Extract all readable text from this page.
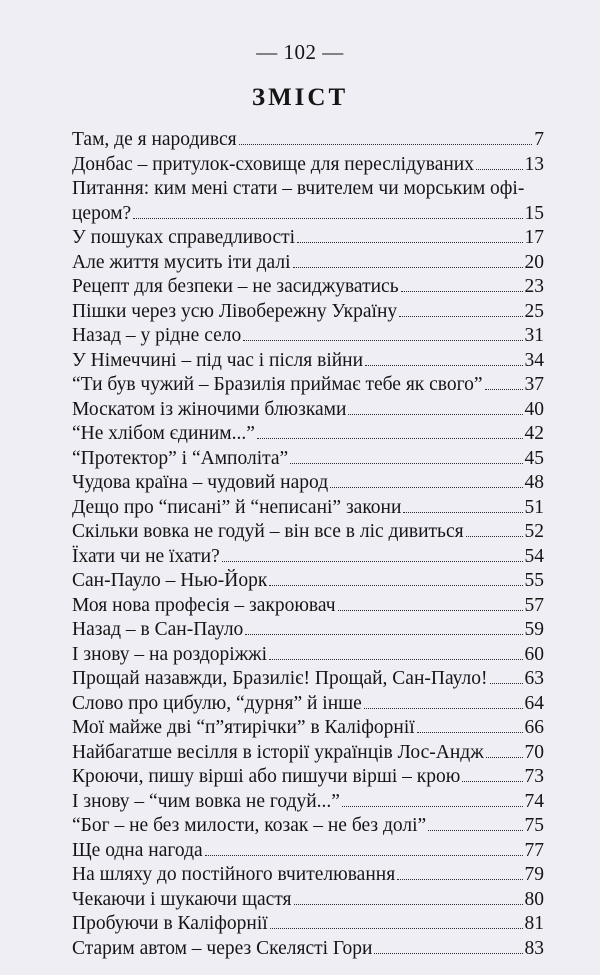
— 102 —
ЗМІСТ
Там, де я народився	7
Донбас – притулок-сховище для переслідуваних	13
Питання: ким мені стати – вчителем чи морським офі-
цером?	15
У пошуках справедливості	17
Але життя мусить іти далі	20
Рецепт для безпеки – не засиджуватись	23
Пішки через усю Лівобережну Україну	25
Назад – у рідне село	31
У Німеччині – під час і після війни	34
“Ти був чужий – Бразилія приймає тебе як свого” 37
Москатом із жіночими блюзками	40
“Не хлібом єдиним...”	42
“Протектор” і “Амполіта”	45
Чудова країна – чудовий народ	48
Дещо про “писані” й “неписані” закони	51
Скільки вовка не годуй – він все в ліс дивиться	52
Їхати чи не їхати?	54
Сан-Пауло – Нью-Йорк	55
Моя нова професія – закроювач	57
Назад – в Сан-Пауло	59
І знову – на роздоріжжі	60
Прощай назавжди, Бразиліє! Прощай, Сан-Пауло! 63
Слово про цибулю, “дурня” й інше	64
Мої майже дві “п”ятирічки” в Каліфорнії	66
Найбагатше весілля в історії українців Лос-Андж 70
Кроючи, пишу вірші або пишучи вірші – крою	73
І знову – “чим вовка не годуй...”	74
“Бог – не без милости, козак – не без долі”	75
Ще одна нагода	77
На шляху до постійного вчителювання	79
Чекаючи і шукаючи щастя	80
Пробуючи в Каліфорнії	81
Старим автом – через Скелясті Гори	83
